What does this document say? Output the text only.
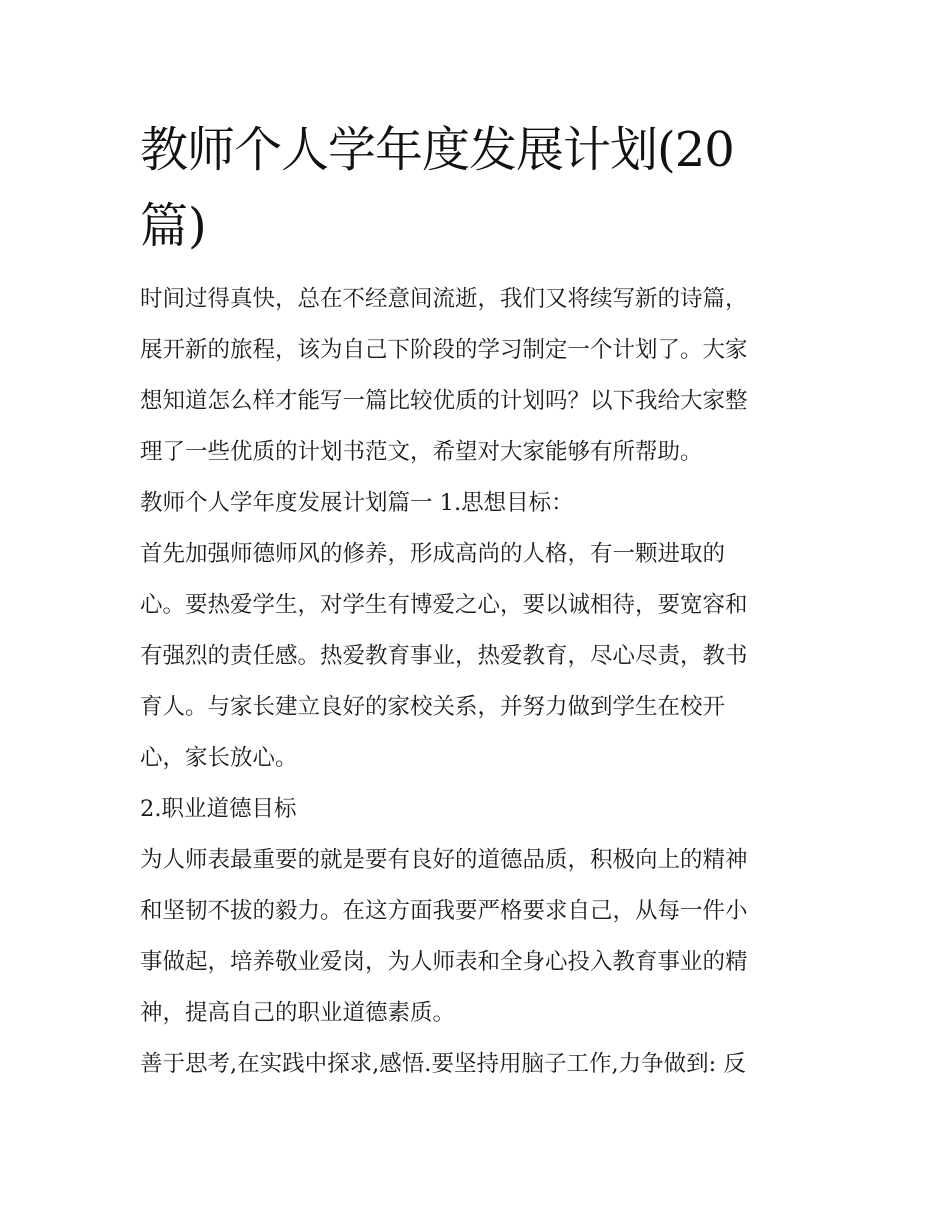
教师个人学年度发展计划(20
篇)
时间过得真快，总在不经意间流逝，我们又将续写新的诗篇，
展开新的旅程，该为自己下阶段的学习制定一个计划了。大家
想知道怎么样才能写一篇比较优质的计划吗？以下我给大家整
理了一些优质的计划书范文，希望对大家能够有所帮助。
教师个人学年度发展计划篇一 1.思想目标：
首先加强师德师风的修养，形成高尚的人格，有一颗进取的
心。要热爱学生，对学生有博爱之心，要以诚相待，要宽容和
有强烈的责任感。热爱教育事业，热爱教育，尽心尽责，教书
育人。与家长建立良好的家校关系，并努力做到学生在校开
心，家长放心。
2.职业道德目标
为人师表最重要的就是要有良好的道德品质，积极向上的精神
和坚韧不拔的毅力。在这方面我要严格要求自己，从每一件小
事做起，培养敬业爱岗，为人师表和全身心投入教育事业的精
神，提高自己的职业道德素质。
善于思考,在实践中探求,感悟.要坚持用脑子工作,力争做到: 反
